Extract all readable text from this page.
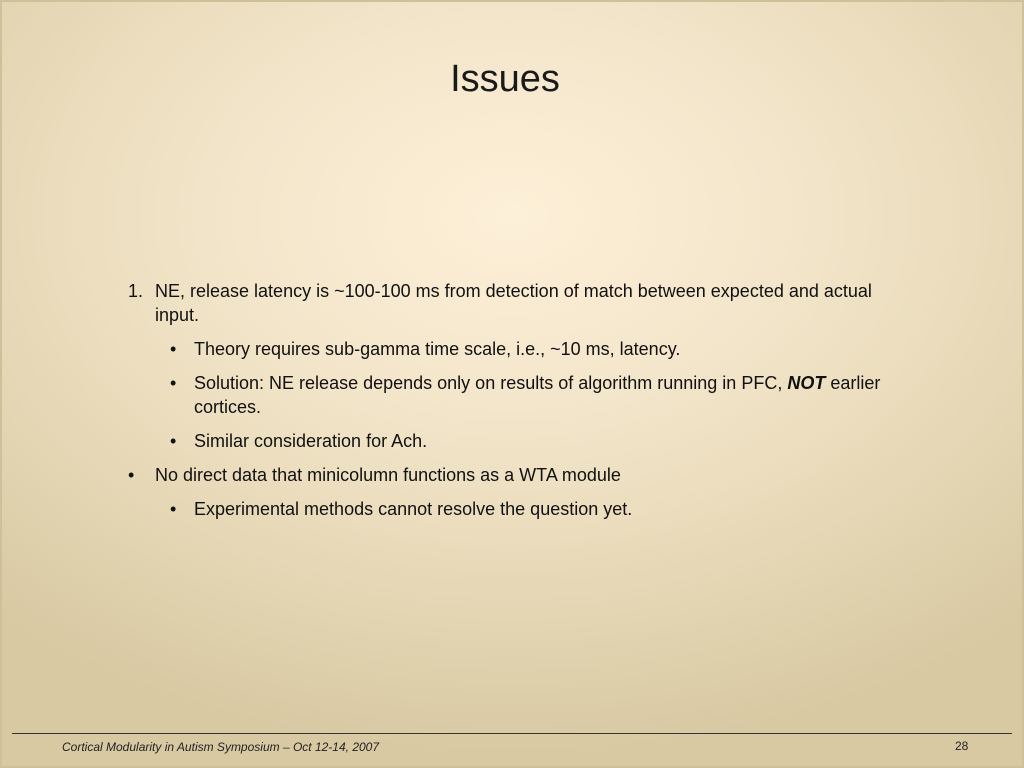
Issues
1. NE, release latency is ~100-100 ms from detection of match between expected and actual input.
• Theory requires sub-gamma time scale, i.e., ~10 ms, latency.
• Solution: NE release depends only on results of algorithm running in PFC, NOT earlier cortices.
• Similar consideration for Ach.
• No direct data that minicolumn functions as a WTA module
• Experimental methods cannot resolve the question yet.
Cortical Modularity in Autism Symposium – Oct 12-14, 2007	28
